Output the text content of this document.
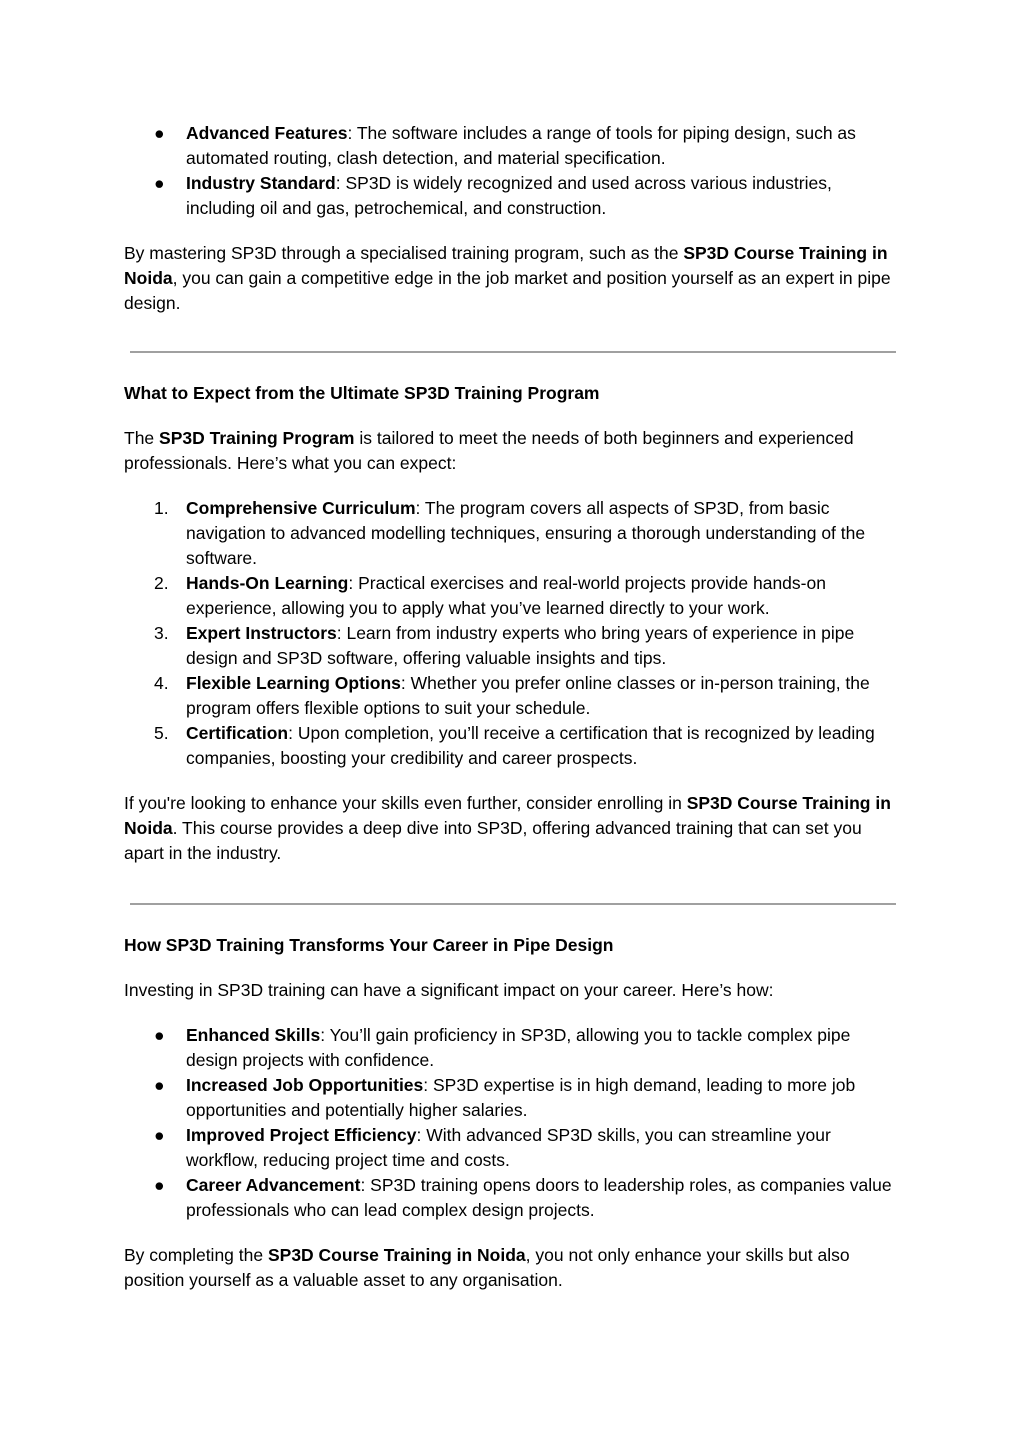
● Advanced Features: The software includes a range of tools for piping design, such as automated routing, clash detection, and material specification.
● Industry Standard: SP3D is widely recognized and used across various industries, including oil and gas, petrochemical, and construction.

By mastering SP3D through a specialised training program, such as the SP3D Course Training in Noida, you can gain a competitive edge in the job market and position yourself as an expert in pipe design.

What to Expect from the Ultimate SP3D Training Program

The SP3D Training Program is tailored to meet the needs of both beginners and experienced professionals. Here’s what you can expect:

1. Comprehensive Curriculum: The program covers all aspects of SP3D, from basic navigation to advanced modelling techniques, ensuring a thorough understanding of the software.
2. Hands-On Learning: Practical exercises and real-world projects provide hands-on experience, allowing you to apply what you’ve learned directly to your work.
3. Expert Instructors: Learn from industry experts who bring years of experience in pipe design and SP3D software, offering valuable insights and tips.
4. Flexible Learning Options: Whether you prefer online classes or in-person training, the program offers flexible options to suit your schedule.
5. Certification: Upon completion, you’ll receive a certification that is recognized by leading companies, boosting your credibility and career prospects.

If you're looking to enhance your skills even further, consider enrolling in SP3D Course Training in Noida. This course provides a deep dive into SP3D, offering advanced training that can set you apart in the industry.

How SP3D Training Transforms Your Career in Pipe Design

Investing in SP3D training can have a significant impact on your career. Here’s how:

● Enhanced Skills: You’ll gain proficiency in SP3D, allowing you to tackle complex pipe design projects with confidence.
● Increased Job Opportunities: SP3D expertise is in high demand, leading to more job opportunities and potentially higher salaries.
● Improved Project Efficiency: With advanced SP3D skills, you can streamline your workflow, reducing project time and costs.
● Career Advancement: SP3D training opens doors to leadership roles, as companies value professionals who can lead complex design projects.

By completing the SP3D Course Training in Noida, you not only enhance your skills but also position yourself as a valuable asset to any organisation.
